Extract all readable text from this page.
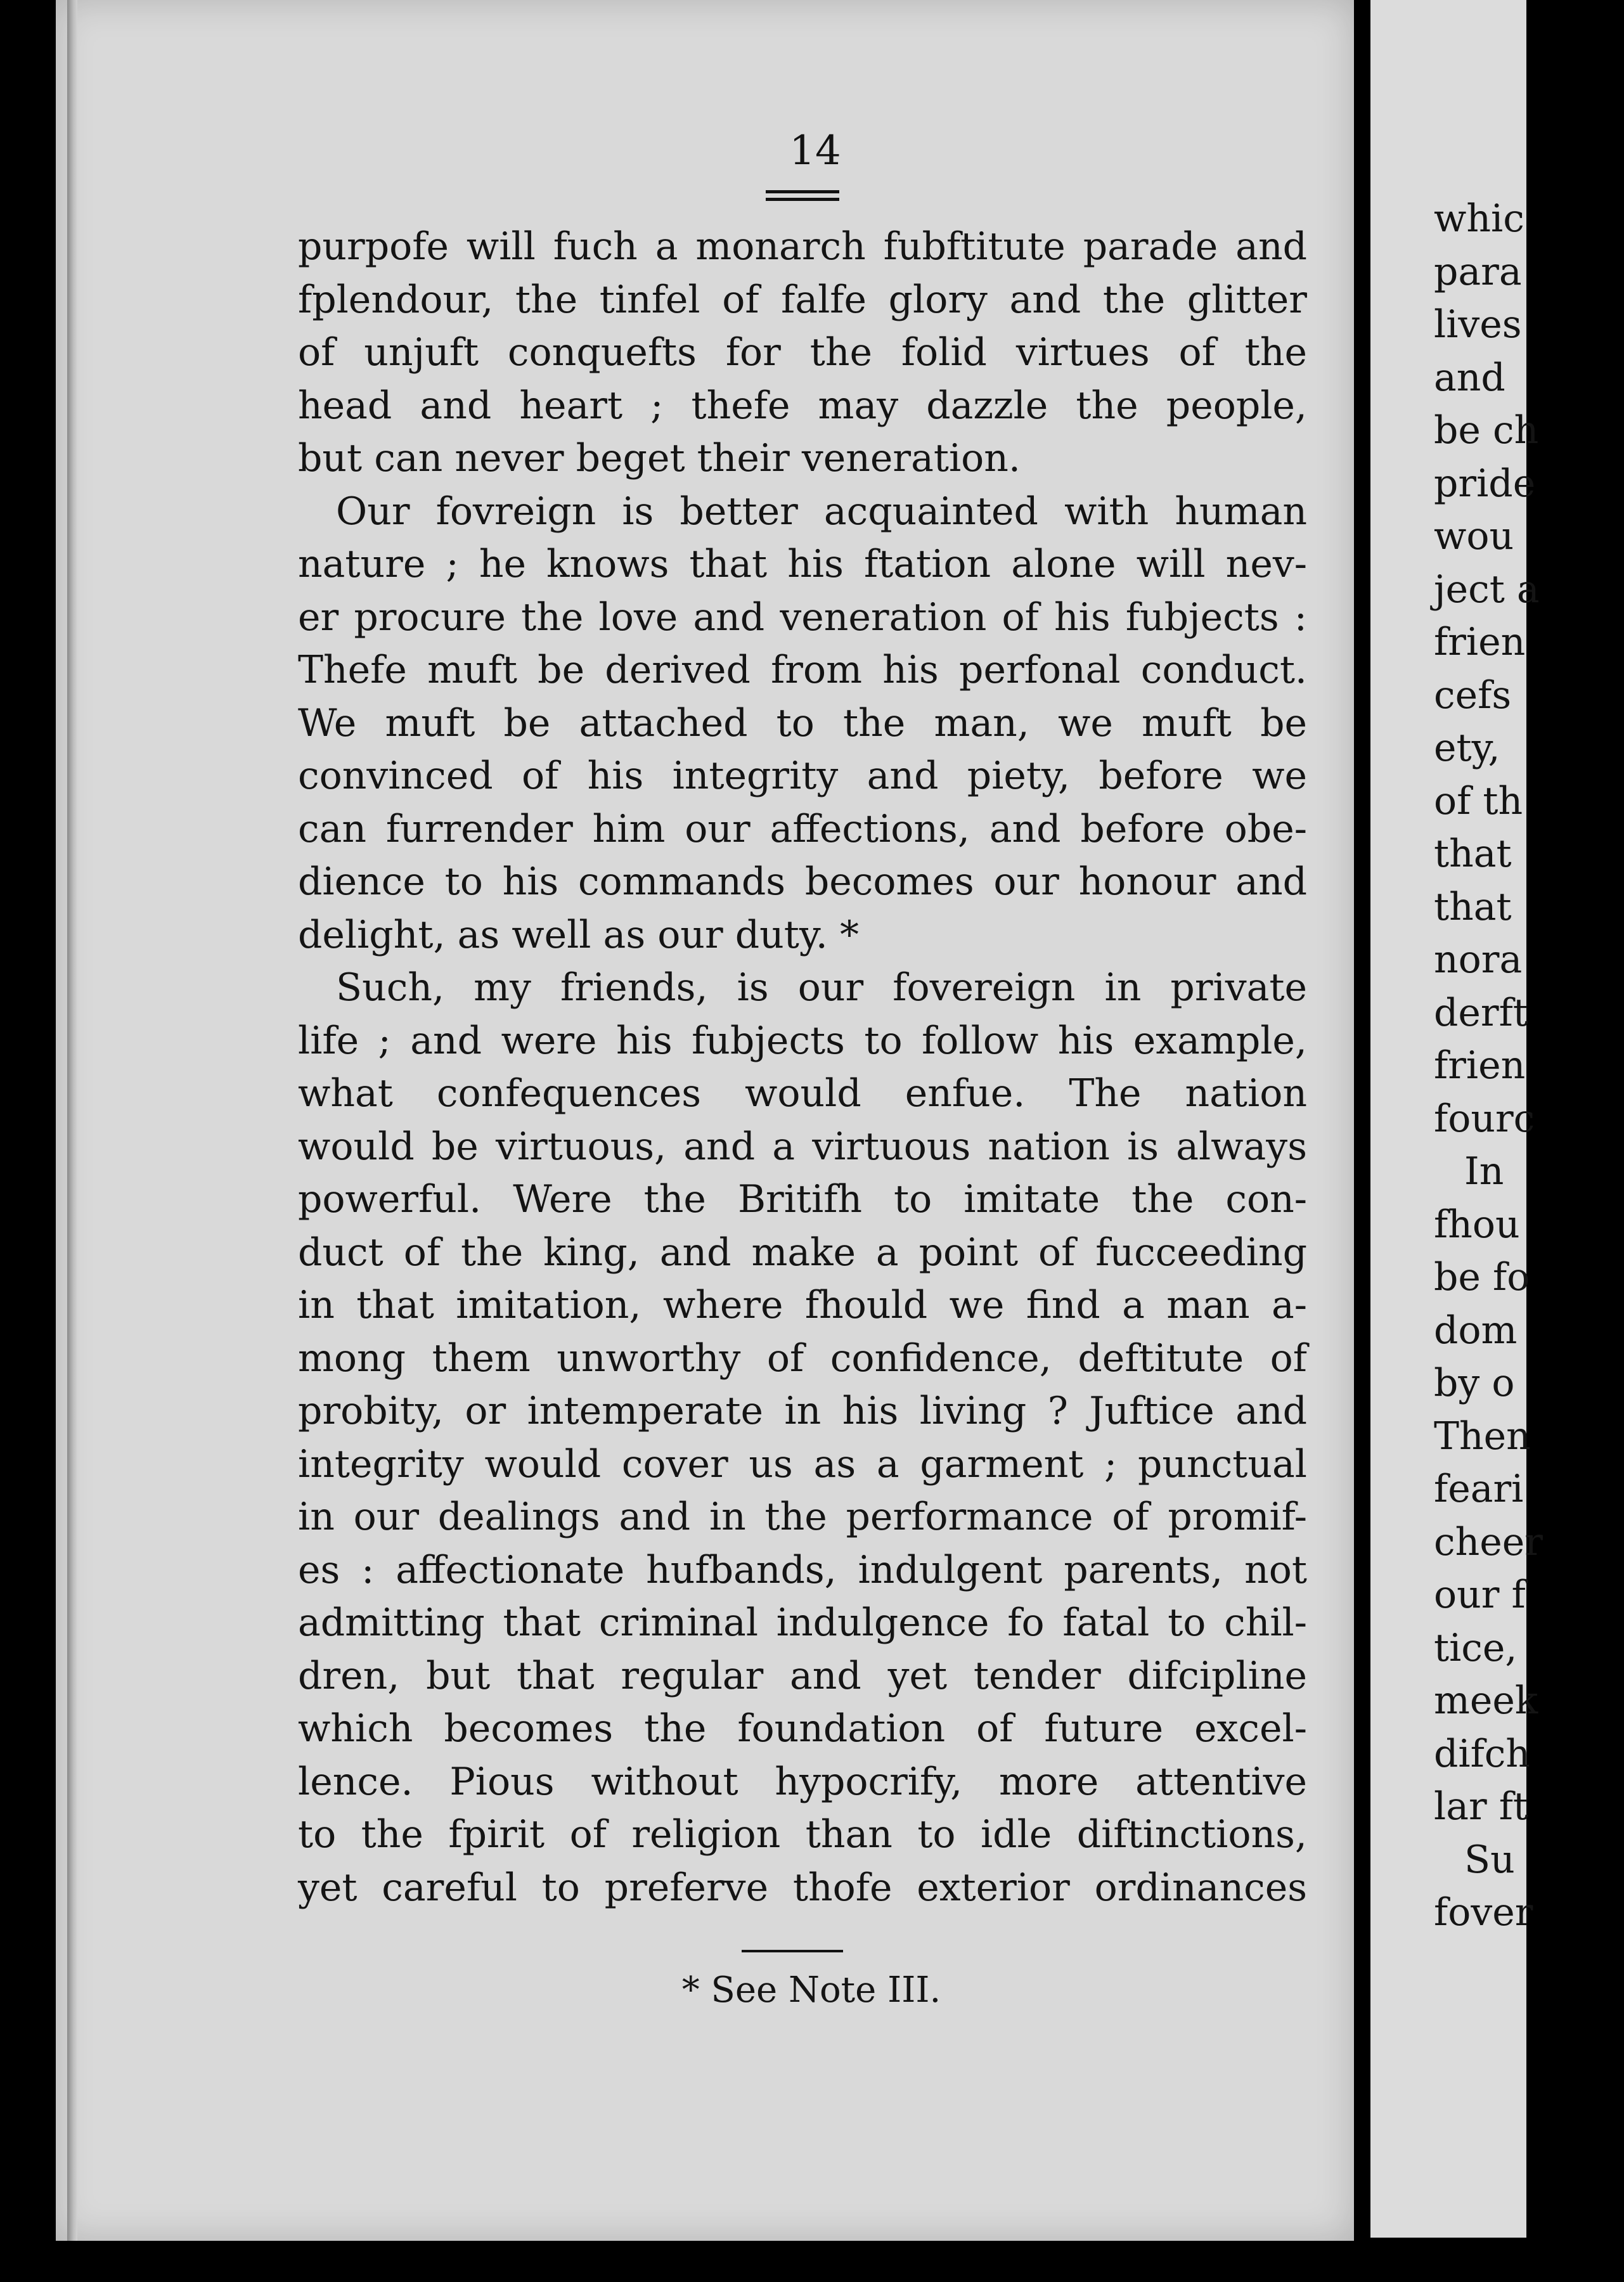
14
purpofe will fuch a monarch fubftitute parade and
fplendour, the tinfel of falfe glory and the glitter
of unjuft conquefts for the folid virtues of the
head and heart ; thefe may dazzle the people,
but can never beget their veneration.
Our fovreign is better acquainted with human
nature ; he knows that his ftation alone will nev-
er procure the love and veneration of his fubjects :
Thefe muft be derived from his perfonal conduct.
We muft be attached to the man, we muft be
convinced of his integrity and piety, before we
can furrender him our affections, and before obe-
dience to his commands becomes our honour and
delight, as well as our duty. *
Such, my friends, is our fovereign in private
life ; and were his fubjects to follow his example,
what confequences would enfue. The nation
would be virtuous, and a virtuous nation is always
powerful. Were the Britifh to imitate the con-
duct of the king, and make a point of fucceeding
in that imitation, where fhould we find a man a-
mong them unworthy of confidence, deftitute of
probity, or intemperate in his living ? Juftice and
integrity would cover us as a garment ; punctual
in our dealings and in the performance of promif-
es : affectionate hufbands, indulgent parents, not
admitting that criminal indulgence fo fatal to chil-
dren, but that regular and yet tender difcipline
which becomes the foundation of future excel-
lence. Pious without hypocrify, more attentive
to the fpirit of religion than to idle diftinctions,
yet careful to preferve thofe exterior ordinances
* See Note III.
whic
para
lives
and
be ch
pride
wou
ject a
frien
cefs
ety,
of th
that
that
nora
derft
frien
fourc
In
fhou
be fo
dom
by o
Then
feari
cheer
our f
tice,
meek
difch
lar ft
Su
fover
